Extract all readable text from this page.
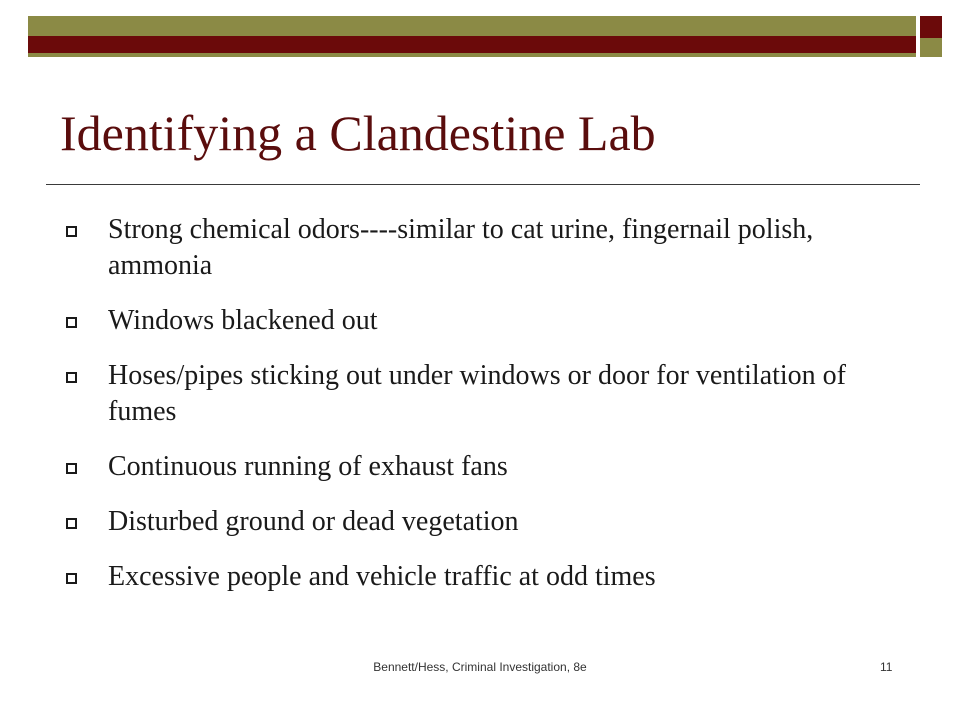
Identifying a Clandestine Lab
Strong chemical odors----similar to cat urine, fingernail polish, ammonia
Windows blackened out
Hoses/pipes sticking out under windows or door for ventilation of fumes
Continuous running of exhaust fans
Disturbed ground or dead vegetation
Excessive people and vehicle traffic at odd times
Bennett/Hess, Criminal Investigation, 8e	11
